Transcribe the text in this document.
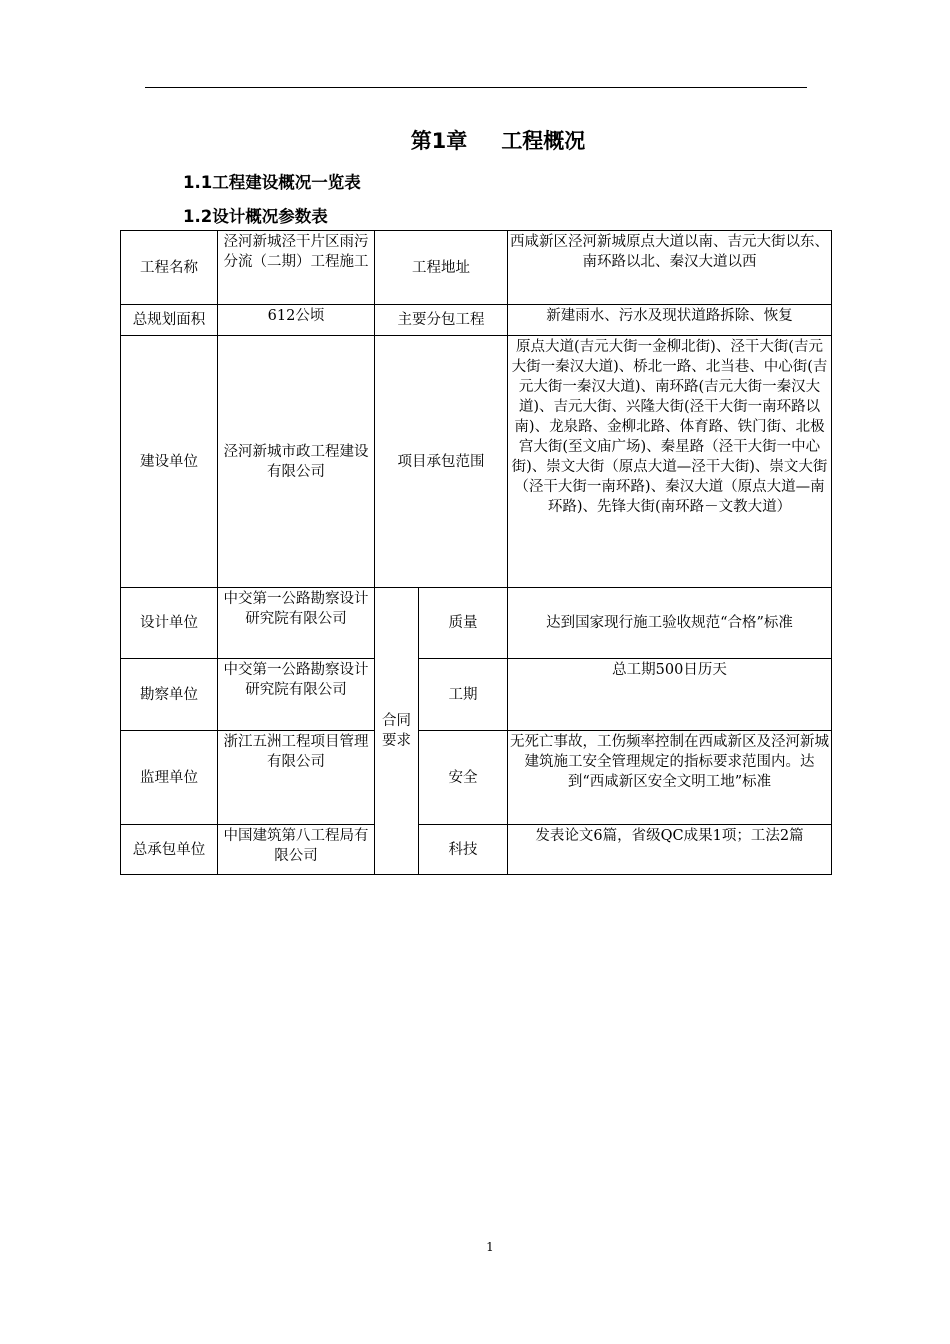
第1章 工程概况
1.1工程建设概况一览表
1.2设计概况参数表
工程名称	泾河新城泾干片区雨污分流（二期）工程施工	工程地址		西咸新区泾河新城原点大道以南、吉元大街以东、南环路以北、秦汉大道以西
总规划面积	612公顷	主要分包工程		新建雨水、污水及现状道路拆除、恢复
建设单位	泾河新城市政工程建设有限公司	项目承包范围		原点大道(吉元大街一金柳北街)、泾干大街(吉元大街一秦汉大道)、桥北一路、北当巷、中心街(吉元大街一秦汉大道)、南环路(吉元大街一秦汉大道)、吉元大街、兴隆大街(泾干大街一南环路以南)、龙泉路、金柳北路、体育路、铁门街、北极宫大街(至文庙广场)、秦星路（泾干大街一中心街)、崇文大街（原点大道—泾干大街)、崇文大街（泾干大街一南环路)、秦汉大道（原点大道—南环路)、先锋大街(南环路－文教大道）
设计单位	中交第一公路勘察设计研究院有限公司	合同要求	质量	达到国家现行施工验收规范“合格”标准
勘察单位	中交第一公路勘察设计研究院有限公司		工期	总工期500日历天
监理单位	浙江五洲工程项目管理有限公司		安全	无死亡事故，工伤频率控制在西咸新区及泾河新城建筑施工安全管理规定的指标要求范围内。达到“西咸新区安全文明工地”标准
总承包单位	中国建筑第八工程局有限公司		科技	发表论文6篇，省级QC成果1项；工法2篇
1
